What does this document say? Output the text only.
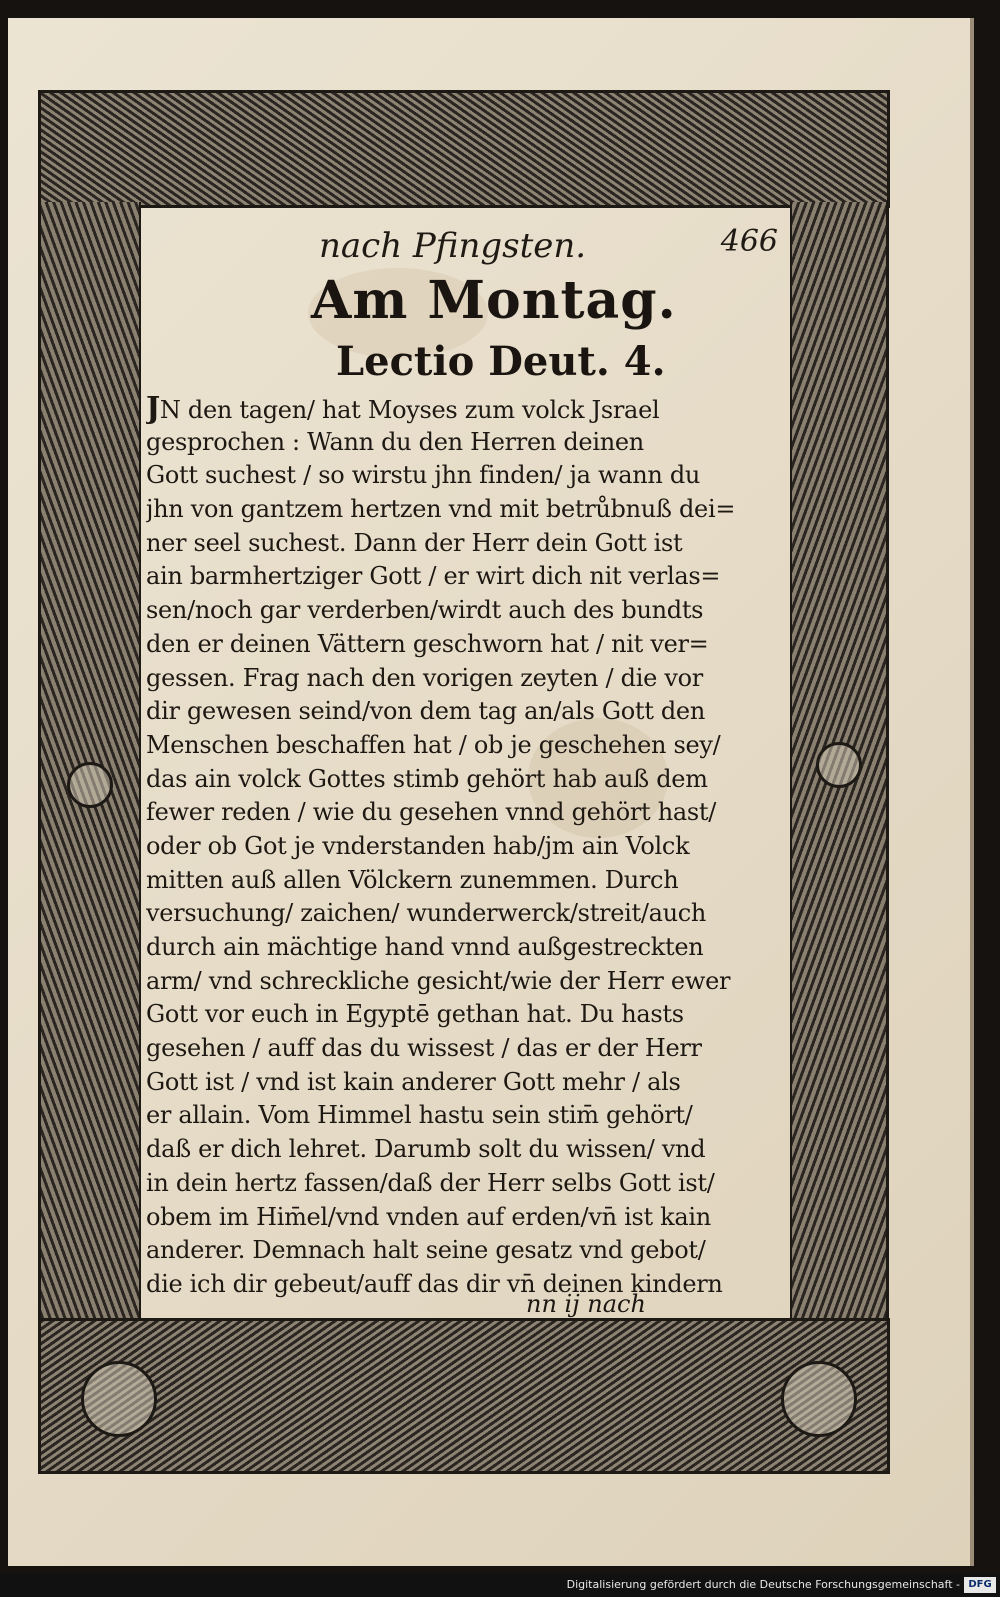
nach Pfingsten.	466
Am Montag.
Lectio Deut. 4.
JN den tagen/ hat Moyses zum volck Jsrael
gesprochen : Wann du den Herren deinen
Gott suchest / so wirstu jhn finden/ ja wann du
jhn von gantzem hertzen vnd mit betrůbnuß dei=
ner seel suchest. Dann der Herr dein Gott ist
ain barmhertziger Gott / er wirt dich nit verlas=
sen/noch gar verderben/wirdt auch des bundts
den er deinen Vättern geschworn hat / nit ver=
gessen. Frag nach den vorigen zeyten / die vor
dir gewesen seind/von dem tag an/als Gott den
Menschen beschaffen hat / ob je geschehen sey/
das ain volck Gottes stimb gehört hab auß dem
fewer reden / wie du gesehen vnnd gehört hast/
oder ob Got je vnderstanden hab/jm ain Volck
mitten auß allen Völckern zunemmen. Durch
versuchung/ zaichen/ wunderwerck/streit/auch
durch ain mächtige hand vnnd außgestreckten
arm/ vnd schreckliche gesicht/wie der Herr ewer
Gott vor euch in Egyptē gethan hat. Du hasts
gesehen / auff das du wissest / das er der Herr
Gott ist / vnd ist kain anderer Gott mehr / als
er allain. Vom Himmel hastu sein stim̄ gehört/
daß er dich lehret. Darumb solt du wissen/ vnd
in dein hertz fassen/daß der Herr selbs Gott ist/
obem im Him̄el/vnd vnden auf erden/vn̄ ist kain
anderer. Demnach halt seine gesatz vnd gebot/
die ich dir gebeut/auff das dir vn̄ deinen kindern
nn ij nach
Digitalisierung gefördert durch die Deutsche Forschungsgemeinschaft - DFG
